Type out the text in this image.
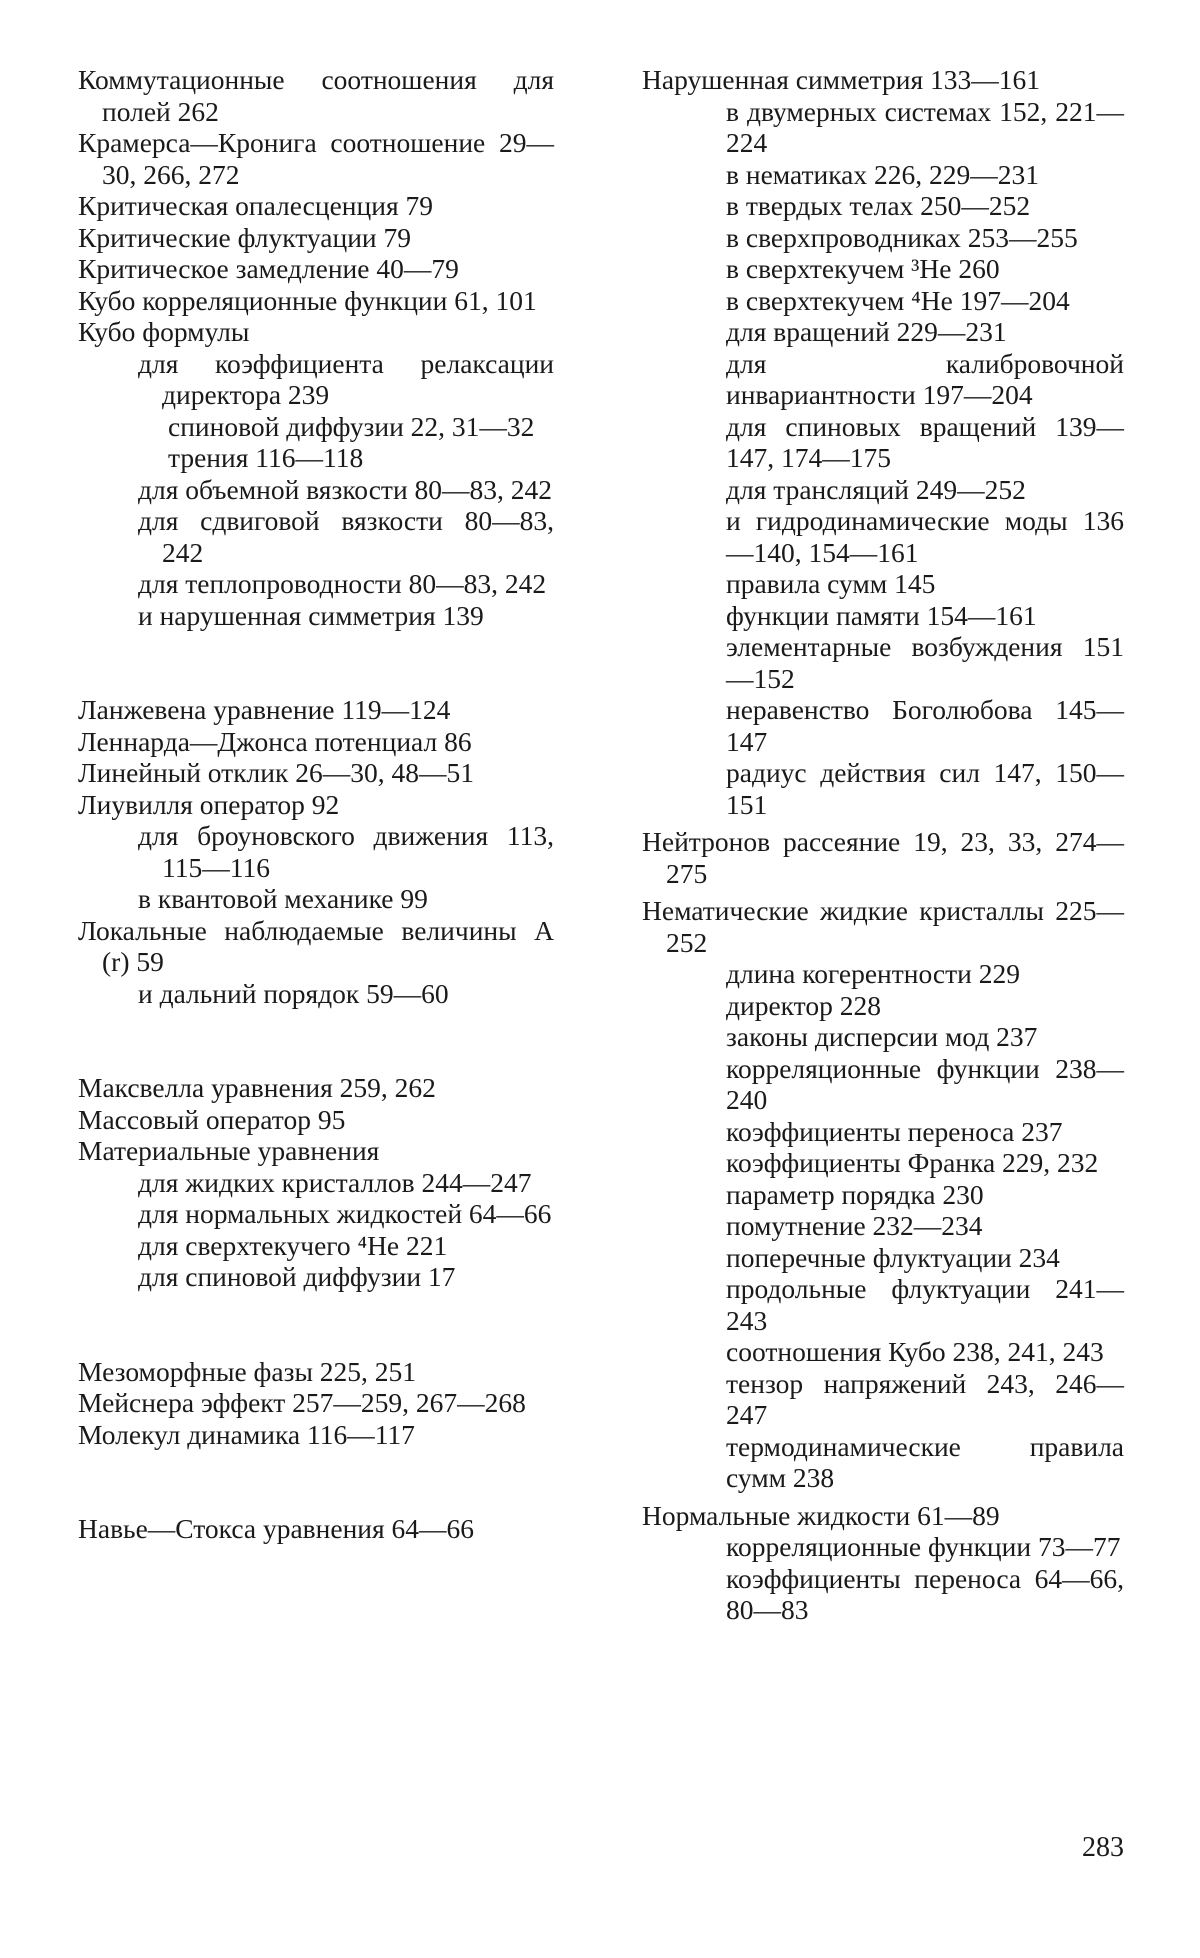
Коммутационные соотношения для полей 262
Крамерса—Кронига соотношение 29—30, 266, 272
Критическая опалесценция 79
Критические флуктуации 79
Критическое замедление 40—79
Кубо корреляционные функции 61, 101
Кубо формулы
для коэффициента релаксации директора 239
спиновой диффузии 22, 31—32
трения 116—118
для объемной вязкости 80—83, 242
для сдвиговой вязкости 80—83, 242
для теплопроводности 80—83, 242
и нарушенная симметрия 139
Ланжевена уравнение 119—124
Леннарда—Джонса потенциал 86
Линейный отклик 26—30, 48—51
Лиувилля оператор 92
для броуновского движения 113, 115—116
в квантовой механике 99
Локальные наблюдаемые величины A (r) 59
и дальний порядок 59—60
Максвелла уравнения 259, 262
Массовый оператор 95
Материальные уравнения
для жидких кристаллов 244—247
для нормальных жидкостей 64—66
для сверхтекучего ⁴Не 221
для спиновой диффузии 17
Мезоморфные фазы 225, 251
Мейснера эффект 257—259, 267—268
Молекул динамика 116—117
Навье—Стокса уравнения 64—66
Нарушенная симметрия 133—161
в двумерных системах 152, 221—224
в нематиках 226, 229—231
в твердых телах 250—252
в сверхпроводниках 253—255
в сверхтекучем ³Не 260
в сверхтекучем ⁴Не 197—204
для вращений 229—231
для калибровочной инвариантности 197—204
для спиновых вращений 139—147, 174—175
для трансляций 249—252
и гидродинамические моды 136—140, 154—161
правила сумм 145
функции памяти 154—161
элементарные возбуждения 151—152
неравенство Боголюбова 145—147
радиус действия сил 147, 150—151
Нейтронов рассеяние 19, 23, 33, 274—275
Нематические жидкие кристаллы 225—252
длина когерентности 229
директор 228
законы дисперсии мод 237
корреляционные функции 238—240
коэффициенты переноса 237
коэффициенты Франка 229, 232
параметр порядка 230
помутнение 232—234
поперечные флуктуации 234
продольные флуктуации 241—243
соотношения Кубо 238, 241, 243
тензор напряжений 243, 246—247
термодинамические правила сумм 238
Нормальные жидкости 61—89
корреляционные функции 73—77
коэффициенты переноса 64—66, 80—83
283
